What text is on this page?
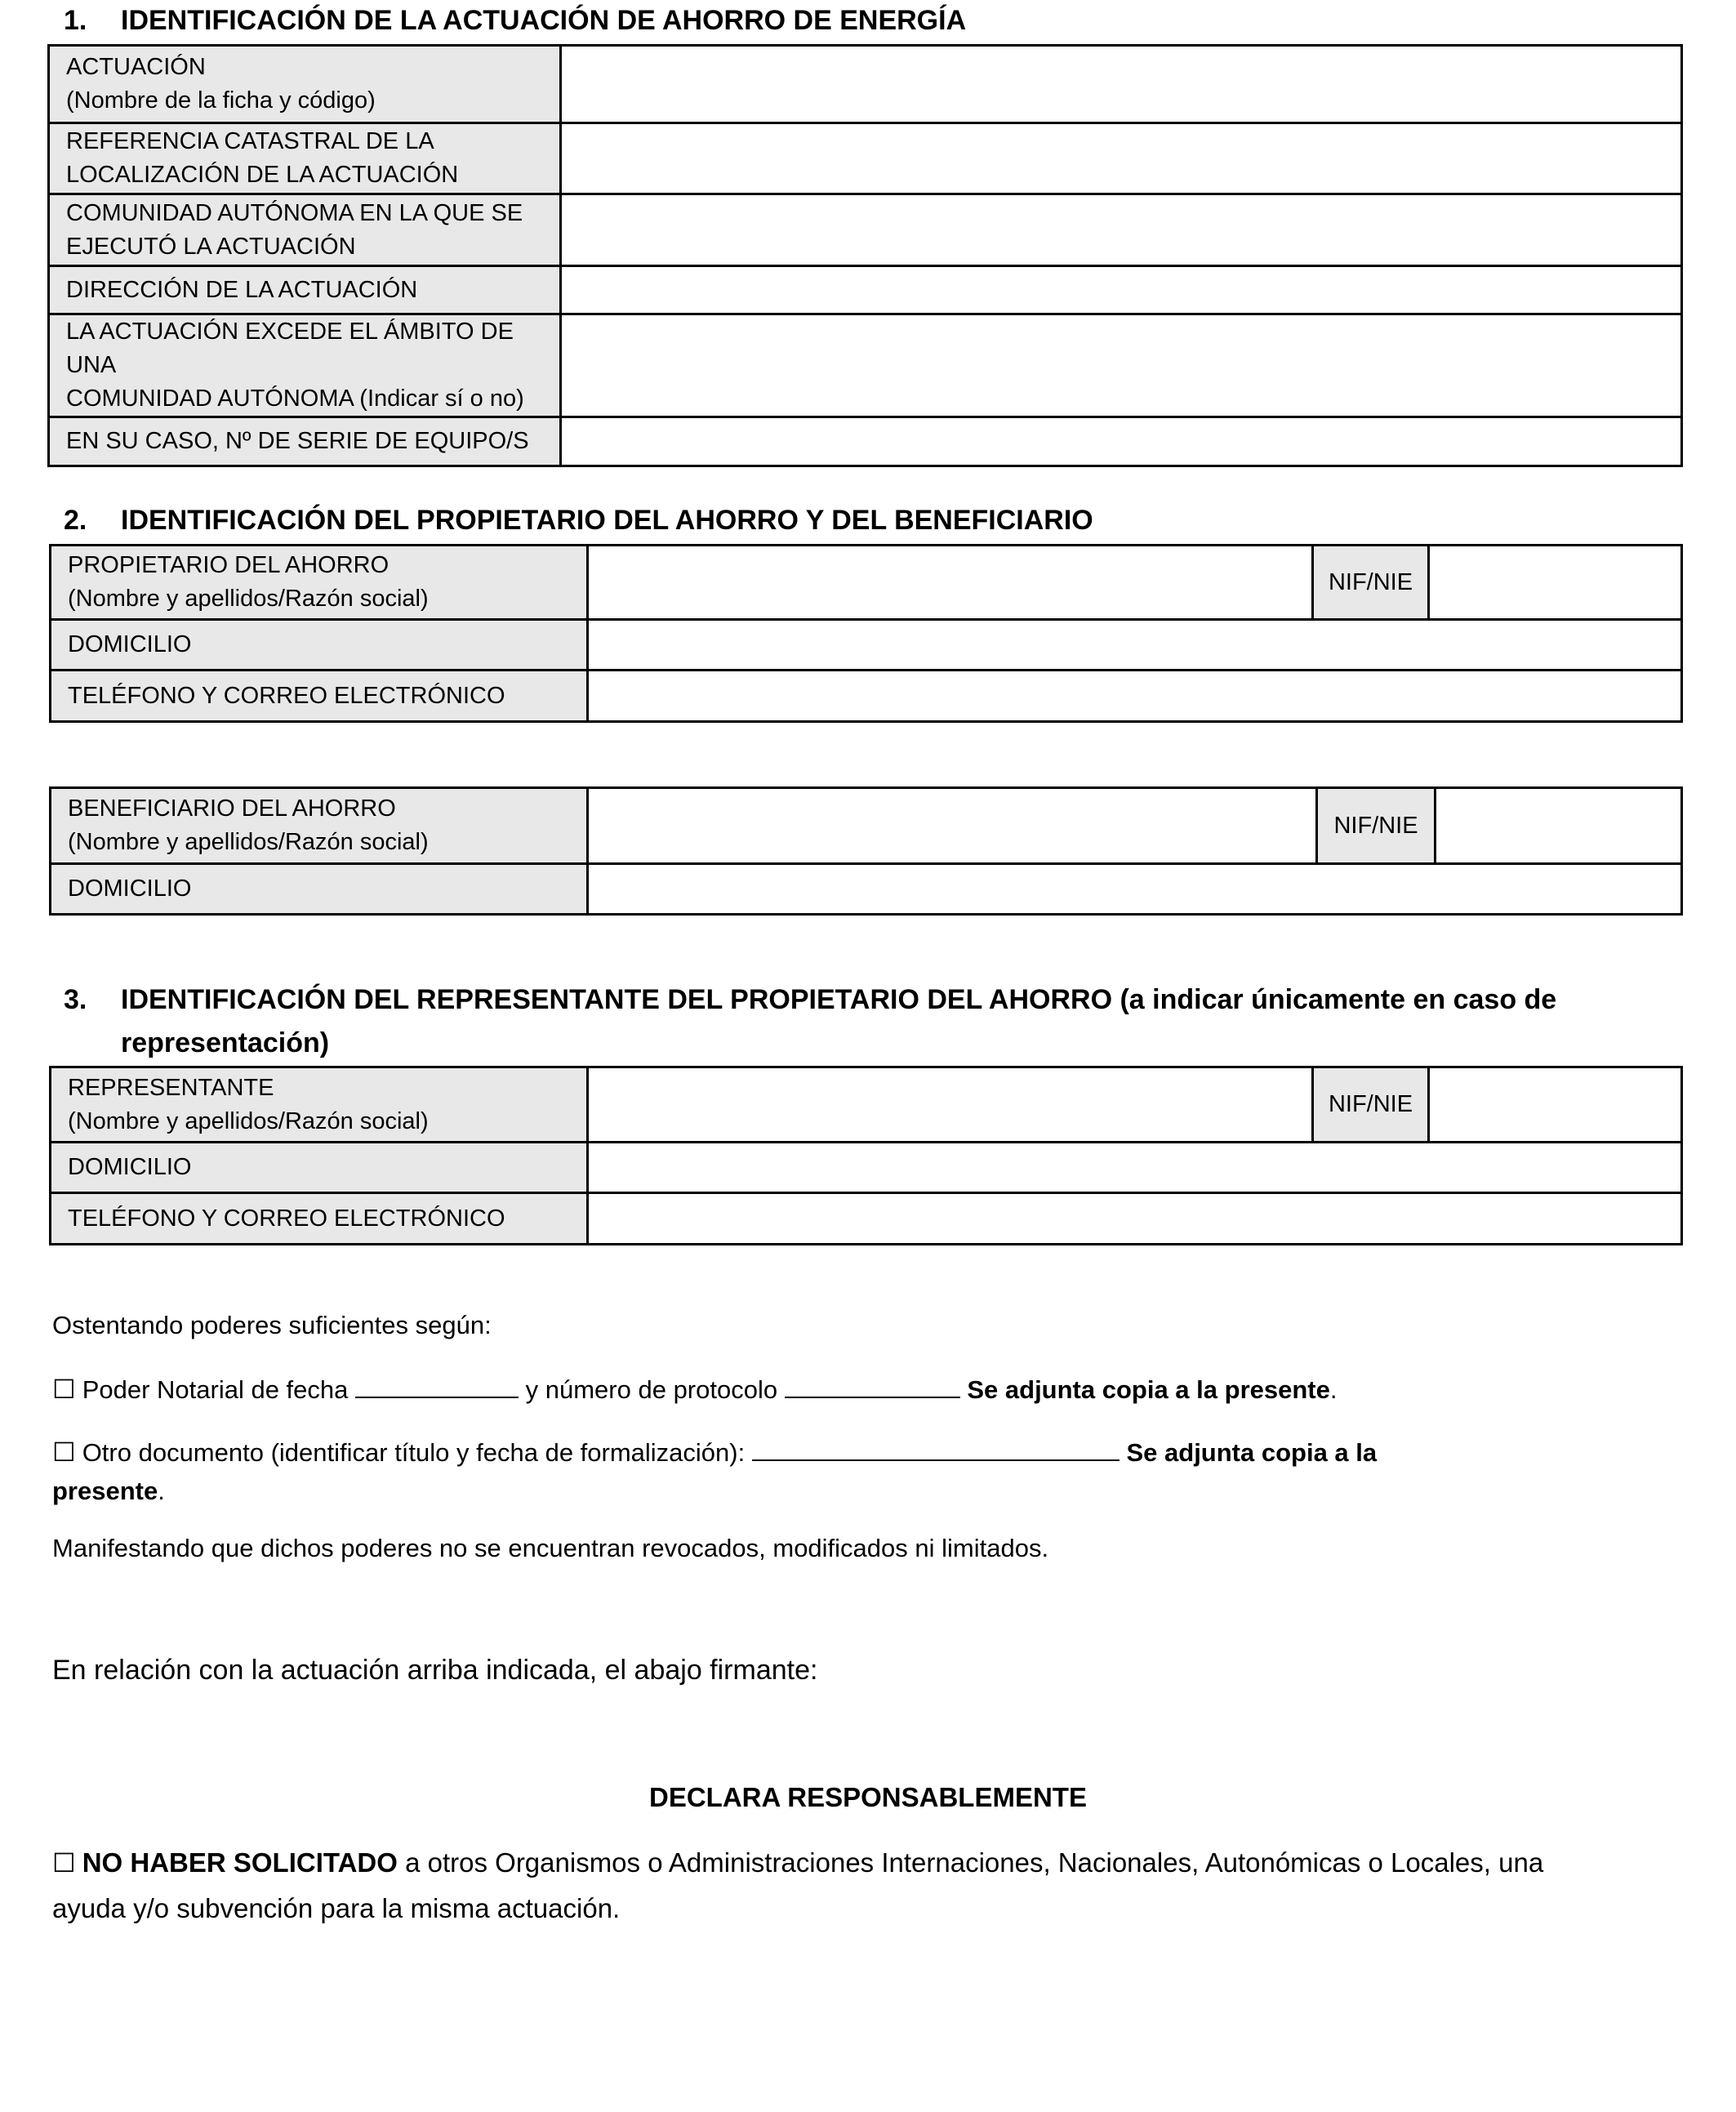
1. IDENTIFICACIÓN DE LA ACTUACIÓN DE AHORRO DE ENERGÍA
ACTUACIÓN
(Nombre de la ficha y código)	
REFERENCIA CATASTRAL DE LA
LOCALIZACIÓN DE LA ACTUACIÓN	
COMUNIDAD AUTÓNOMA EN LA QUE SE
EJECUTÓ LA ACTUACIÓN	
DIRECCIÓN DE LA ACTUACIÓN	
LA ACTUACIÓN EXCEDE EL ÁMBITO DE UNA
COMUNIDAD AUTÓNOMA (Indicar sí o no)	
EN SU CASO, Nº DE SERIE DE EQUIPO/S	
2. IDENTIFICACIÓN DEL PROPIETARIO DEL AHORRO Y DEL BENEFICIARIO
PROPIETARIO DEL AHORRO
(Nombre y apellidos/Razón social)		NIF/NIE	
DOMICILIO			
TELÉFONO Y CORREO ELECTRÓNICO			
BENEFICIARIO DEL AHORRO
(Nombre y apellidos/Razón social)		NIF/NIE	
DOMICILIO			
3. IDENTIFICACIÓN DEL REPRESENTANTE DEL PROPIETARIO DEL AHORRO (a indicar únicamente en caso de
representación)
REPRESENTANTE
(Nombre y apellidos/Razón social)		NIF/NIE	
DOMICILIO			
TELÉFONO Y CORREO ELECTRÓNICO			
Ostentando poderes suficientes según:
☐ Poder Notarial de fecha	y número de protocolo	Se adjunta copia a la presente.
☐ Otro documento (identificar título y fecha de formalización):	Se adjunta copia a la
presente.
Manifestando que dichos poderes no se encuentran revocados, modificados ni limitados.
En relación con la actuación arriba indicada, el abajo firmante:
DECLARA RESPONSABLEMENTE
☐ NO HABER SOLICITADO a otros Organismos o Administraciones Internaciones, Nacionales, Autonómicas o Locales, una
ayuda y/o subvención para la misma actuación.
